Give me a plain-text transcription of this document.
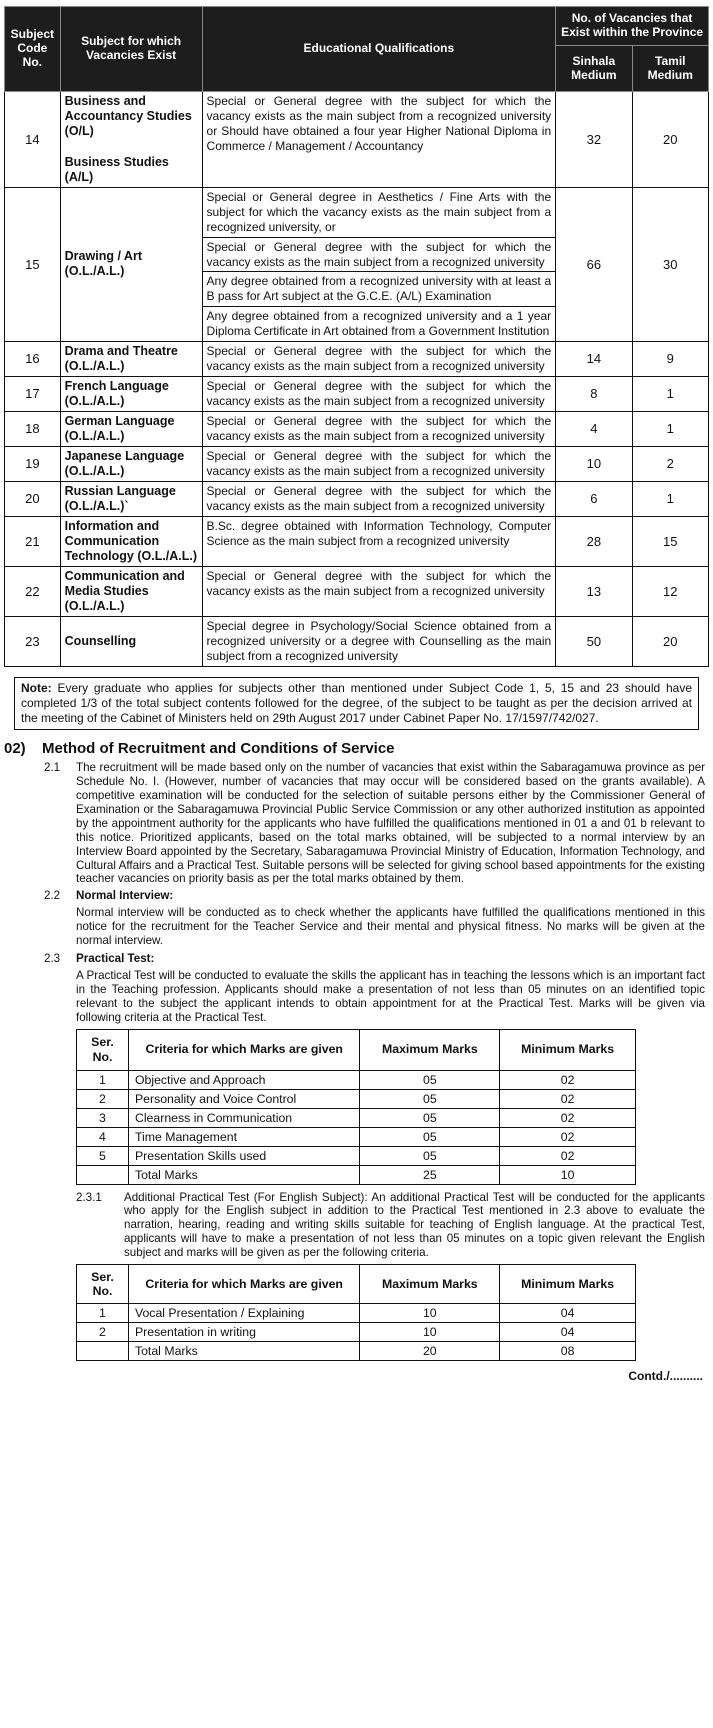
Subject Code No.	Subject for which Vacancies Exist	Educational Qualifications	No. of Vacancies that Exist within the Province	
			Sinhala Medium	Tamil Medium
14	Business and Accountancy Studies (O/L)
Business Studies (A/L)	Special or General degree with the subject for which the vacancy exists as the main subject from a recognized university or Should have obtained a four year Higher National Diploma in Commerce / Management / Accountancy	32	20
15	Drawing / Art (O.L./A.L.)	Special or General degree in Aesthetics / Fine Arts with the subject for which the vacancy exists as the main subject from a recognized university, or
Special or General degree with the subject for which the vacancy exists as the main subject from a recognized university
Any degree obtained from a recognized university with at least a B pass for Art subject at the G.C.E. (A/L) Examination
Any degree obtained from a recognized university and a 1 year Diploma Certificate in Art obtained from a Government Institution	66	30
16	Drama and Theatre (O.L./A.L.)	Special or General degree with the subject for which the vacancy exists as the main subject from a recognized university	14	9
17	French Language (O.L./A.L.)	Special or General degree with the subject for which the vacancy exists as the main subject from a recognized university	8	1
18	German Language (O.L./A.L.)	Special or General degree with the subject for which the vacancy exists as the main subject from a recognized university	4	1
19	Japanese Language (O.L./A.L.)	Special or General degree with the subject for which the vacancy exists as the main subject from a recognized university	10	2
20	Russian Language (O.L./A.L.)`	Special or General degree with the subject for which the vacancy exists as the main subject from a recognized university	6	1
21	Information and Communication Technology (O.L./A.L.)	B.Sc. degree obtained with Information Technology, Computer Science as the main subject from a recognized university	28	15
22	Communication and Media Studies (O.L./A.L.)	Special or General degree with the subject for which the vacancy exists as the main subject from a recognized university	13	12
23	Counselling	Special degree in Psychology/Social Science obtained from a recognized university or a degree with Counselling as the main subject from a recognized university	50	20
Note: Every graduate who applies for subjects other than mentioned under Subject Code 1, 5, 15 and 23 should have completed 1/3 of the total subject contents followed for the degree, of the subject to be taught as per the decision arrived at the meeting of the Cabinet of Ministers held on 29th August 2017 under Cabinet Paper No. 17/1597/742/027.
02)	Method of Recruitment and Conditions of Service
2.1	The recruitment will be made based only on the number of vacancies that exist within the Sabaragamuwa province as per Schedule No. I. (However, number of vacancies that may occur will be considered based on the grants available). A competitive examination will be conducted for the selection of suitable persons either by the Commissioner General of Examination or the Sabaragamuwa Provincial Public Service Commission or any other authorized institution as appointed by the appointment authority for the applicants who have fulfilled the qualifications mentioned in 01 a and 01 b relevant to this notice. Prioritized applicants, based on the total marks obtained, will be subjected to a normal interview by an Interview Board appointed by the Secretary, Sabaragamuwa Provincial Ministry of Education, Information Technology, and Cultural Affairs and a Practical Test. Suitable persons will be selected for giving school based appointments for the existing teacher vacancies on priority basis as per the total marks obtained by them.
2.2	Normal Interview:
Normal interview will be conducted as to check whether the applicants have fulfilled the qualifications mentioned in this notice for the recruitment for the Teacher Service and their mental and physical fitness. No marks will be given at the normal interview.
2.3	Practical Test:
A Practical Test will be conducted to evaluate the skills the applicant has in teaching the lessons which is an important fact in the Teaching profession. Applicants should make a presentation of not less than 05 minutes on an identified topic relevant to the subject the applicant intends to obtain appointment for at the Practical Test. Marks will be given via following criteria at the Practical Test.
Ser. No.	Criteria for which Marks are given	Maximum Marks	Minimum Marks
1	Objective and Approach	05	02
2	Personality and Voice Control	05	02
3	Clearness in Communication	05	02
4	Time Management	05	02
5	Presentation Skills used	05	02
	Total Marks	25	10
2.3.1	Additional Practical Test (For English Subject): An additional Practical Test will be conducted for the applicants who apply for the English subject in addition to the Practical Test mentioned in 2.3 above to evaluate the narration, hearing, reading and writing skills suitable for teaching of English language. At the practical Test, applicants will have to make a presentation of not less than 05 minutes on a topic given relevant the English subject and marks will be given as per the following criteria.
Ser. No.	Criteria for which Marks are given	Maximum Marks	Minimum Marks
1	Vocal Presentation / Explaining	10	04
2	Presentation in writing	10	04
	Total Marks	20	08
Contd./..........
